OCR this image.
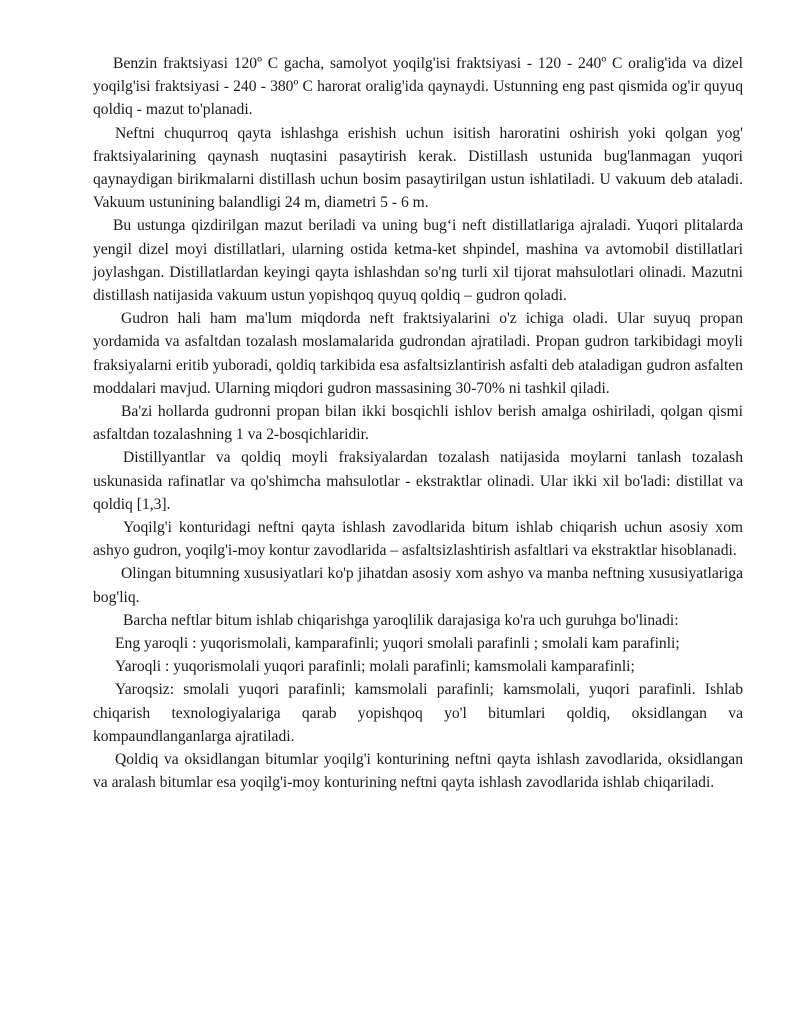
Benzin fraktsiyasi 120º C gacha, samolyot yoqilg'isi fraktsiyasi - 120 - 240º C oralig'ida va dizel yoqilg'isi fraktsiyasi - 240 - 380º C harorat oralig'ida qaynaydi. Ustunning eng past qismida og'ir quyuq qoldiq - mazut to'planadi.

Neftni chuqurroq qayta ishlashga erishish uchun isitish haroratini oshirish yoki qolgan yog' fraktsiyalarining qaynash nuqtasini pasaytirish kerak. Distillash ustunida bug'lanmagan yuqori qaynaydigan birikmalarni distillash uchun bosim pasaytirilgan ustun ishlatiladi. U vakuum deb ataladi. Vakuum ustunining balandligi 24 m, diametri 5 - 6 m.

Bu ustunga qizdirilgan mazut beriladi va uning bug‘i neft distillatlariga ajraladi. Yuqori plitalarda yengil dizel moyi distillatlari, ularning ostida ketma-ket shpindel, mashina va avtomobil distillatlari joylashgan. Distillatlardan keyingi qayta ishlashdan so'ng turli xil tijorat mahsulotlari olinadi. Mazutni distillash natijasida vakuum ustun yopishqoq quyuq qoldiq – gudron qoladi.

Gudron hali ham ma'lum miqdorda neft fraktsiyalarini o'z ichiga oladi. Ular suyuq propan yordamida va asfaltdan tozalash moslamalarida gudrondan ajratiladi. Propan gudron tarkibidagi moyli fraksiyalarni eritib yuboradi, qoldiq tarkibida esa asfaltsizlantirish asfalti deb ataladigan gudron asfalten moddalari mavjud. Ularning miqdori gudron massasining 30-70% ni tashkil qiladi.

Ba'zi hollarda gudronni propan bilan ikki bosqichli ishlov berish amalga oshiriladi, qolgan qismi asfaltdan tozalashning 1 va 2-bosqichlaridir.

Distillyantlar va qoldiq moyli fraksiyalardan tozalash natijasida moylarni tanlash tozalash uskunasida rafinatlar va qo'shimcha mahsulotlar - ekstraktlar olinadi. Ular ikki xil bo'ladi: distillat va qoldiq [1,3].

Yoqilg'i konturidagi neftni qayta ishlash zavodlarida bitum ishlab chiqarish uchun asosiy xom ashyo gudron, yoqilg'i-moy kontur zavodlarida – asfaltsizlashtirish asfaltlari va ekstraktlar hisoblanadi.

Olingan bitumning xususiyatlari ko'p jihatdan asosiy xom ashyo va manba neftning xususiyatlariga bog'liq.

Barcha neftlar bitum ishlab chiqarishga yaroqlilik darajasiga ko'ra uch guruhga bo'linadi:

Eng yaroqli : yuqorismolali, kamparafinli; yuqori smolali parafinli ; smolali kam parafinli;

Yaroqli : yuqorismolali yuqori parafinli; molali parafinli; kamsmolali kamparafinli;

Yaroqsiz: smolali yuqori parafinli; kamsmolali parafinli; kamsmolali, yuqori parafinli. Ishlab chiqarish texnologiyalariga qarab yopishqoq yo'l bitumlari qoldiq, oksidlangan va kompaundlanganlarga ajratiladi.

Qoldiq va oksidlangan bitumlar yoqilg'i konturining neftni qayta ishlash zavodlarida, oksidlangan va aralash bitumlar esa yoqilg'i-moy konturining neftni qayta ishlash zavodlarida ishlab chiqariladi.
